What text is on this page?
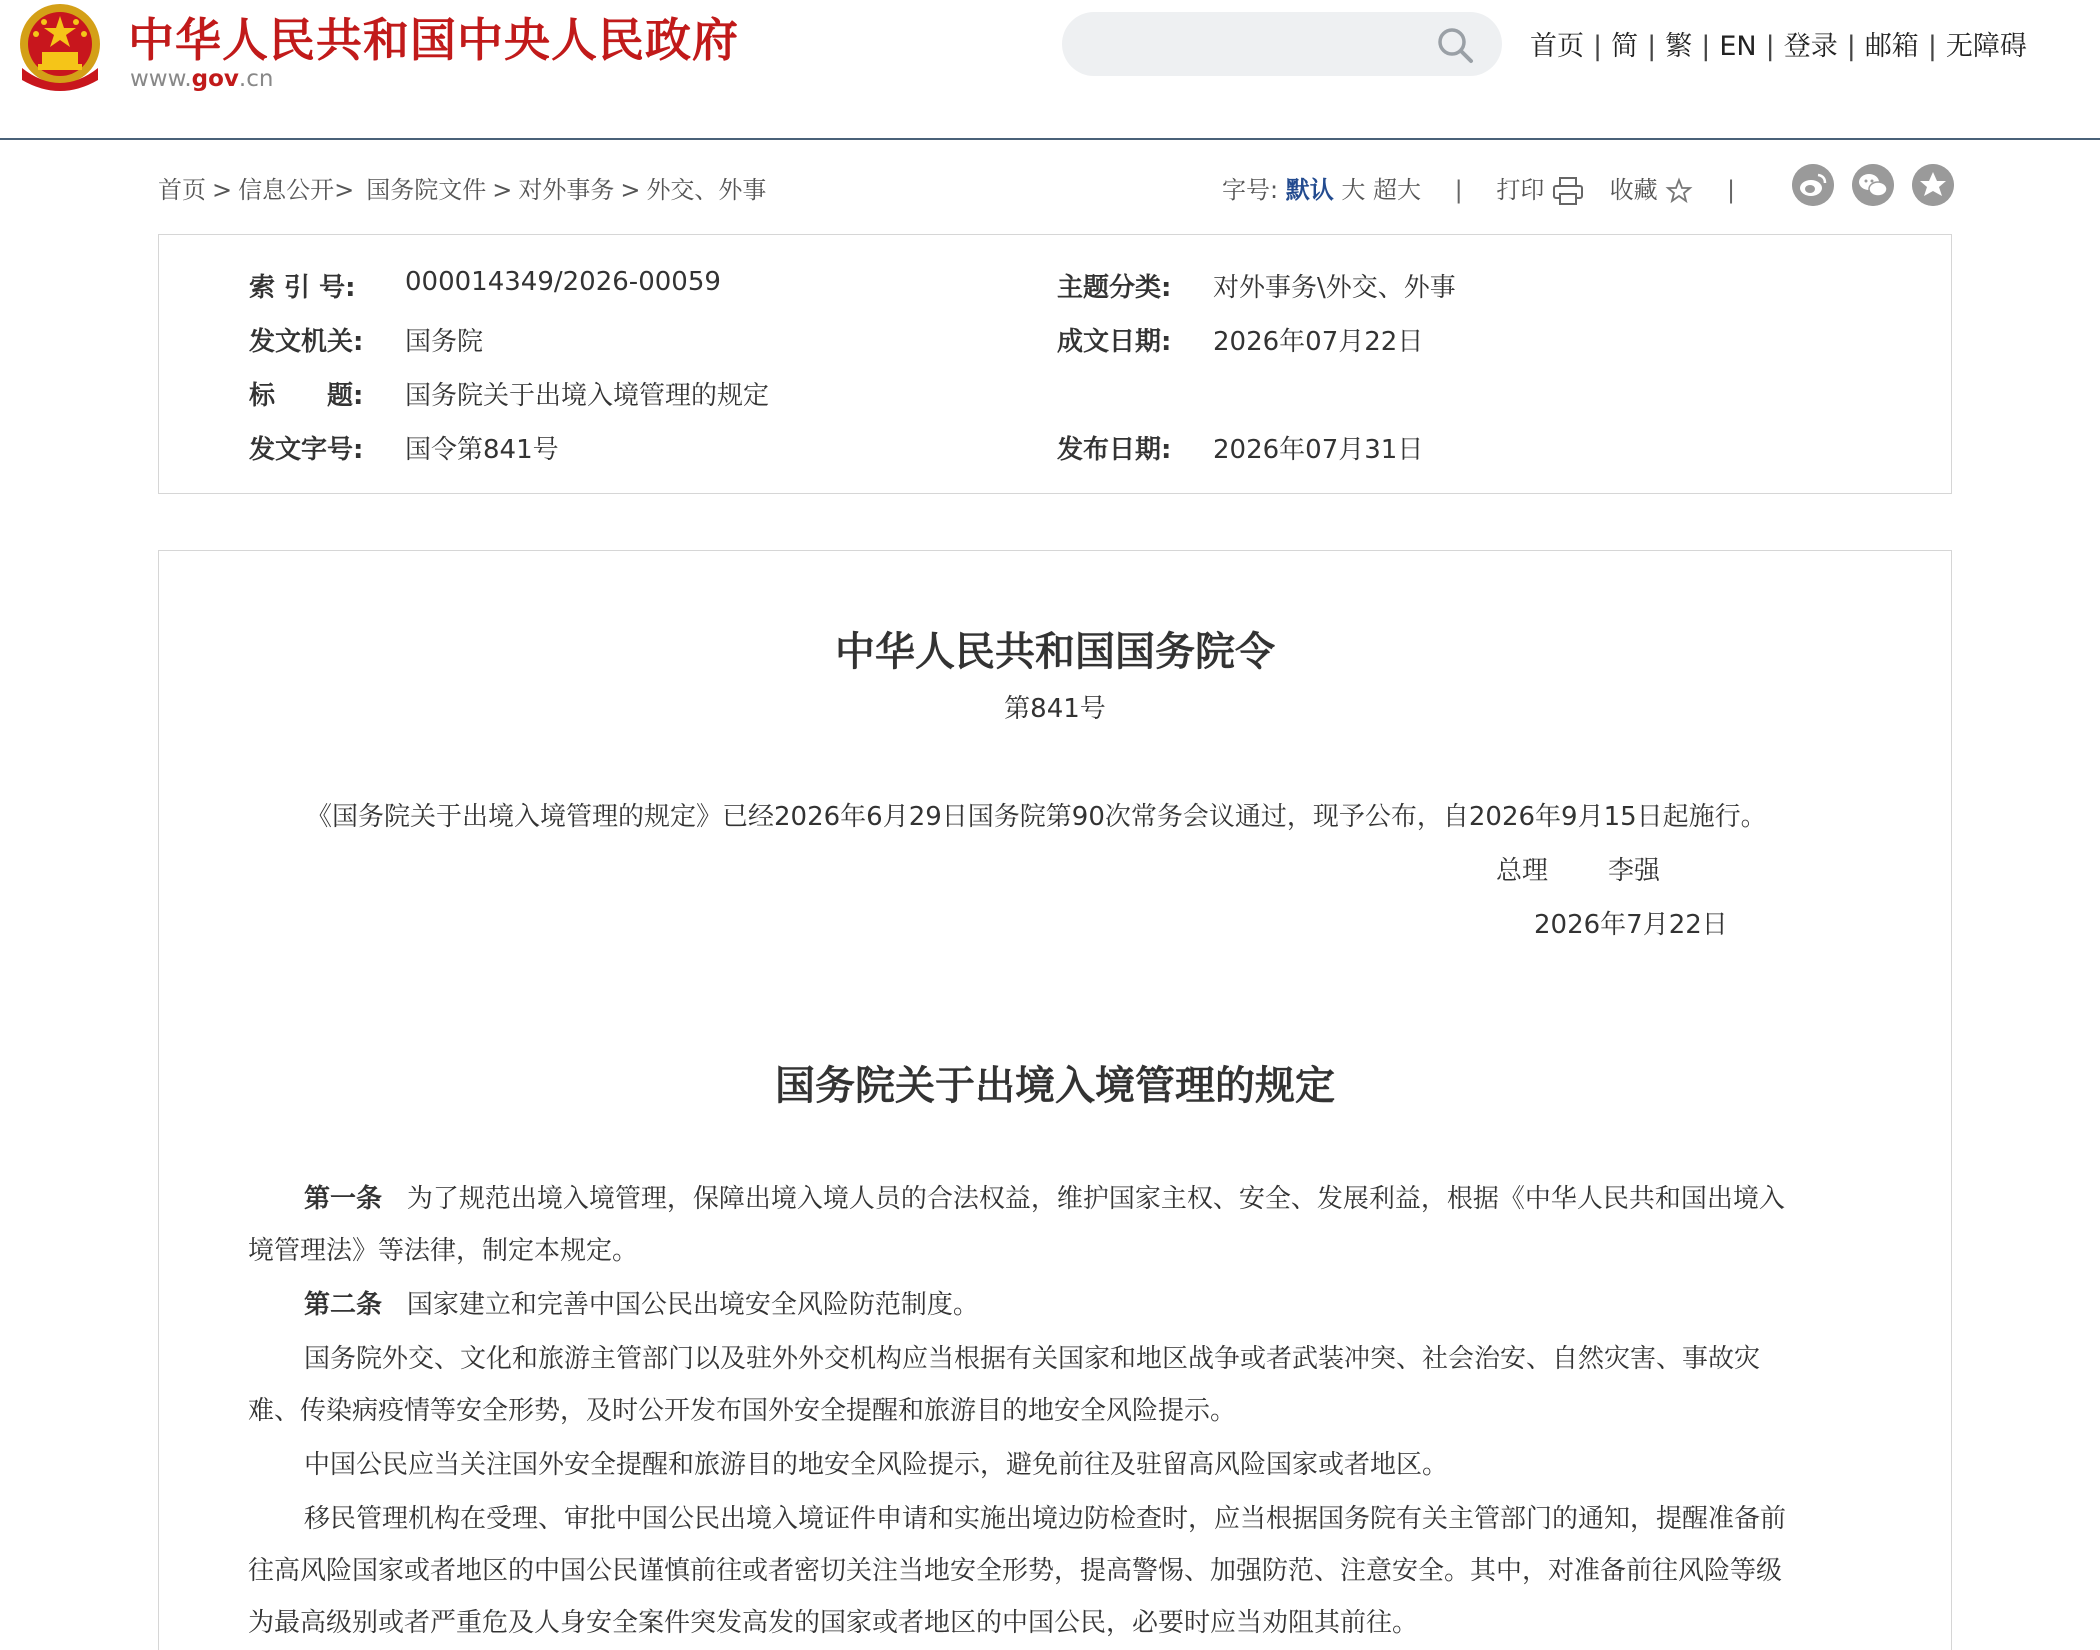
中华人民共和国中央人民政府
www.gov.cn
首页 | 简 | 繁 | EN | 登录 | 邮箱 | 无障碍
首页 > 信息公开> 国务院文件 > 对外事务 > 外交、外事	字号: 默认 大 超大 | 打印	收藏	|
索 引 号: 000014349/2026-00059	主题分类: 对外事务\外交、外事
发文机关: 国务院	成文日期: 2026年07月22日
标　　题: 国务院关于出境入境管理的规定
发文字号: 国令第841号	发布日期: 2026年07月31日
中华人民共和国国务院令
第841号
《国务院关于出境入境管理的规定》已经2026年6月29日国务院第90次常务会议通过，现予公布，自2026年9月15日起施行。
总理 李强
2026年7月22日
国务院关于出境入境管理的规定
第一条 为了规范出境入境管理，保障出境入境人员的合法权益，维护国家主权、安全、发展利益，根据《中华人民共和国出境入
境管理法》等法律，制定本规定。
第二条 国家建立和完善中国公民出境安全风险防范制度。
国务院外交、文化和旅游主管部门以及驻外外交机构应当根据有关国家和地区战争或者武装冲突、社会治安、自然灾害、事故灾
难、传染病疫情等安全形势，及时公开发布国外安全提醒和旅游目的地安全风险提示。
中国公民应当关注国外安全提醒和旅游目的地安全风险提示，避免前往及驻留高风险国家或者地区。
移民管理机构在受理、审批中国公民出境入境证件申请和实施出境边防检查时，应当根据国务院有关主管部门的通知，提醒准备前
往高风险国家或者地区的中国公民谨慎前往或者密切关注当地安全形势，提高警惕、加强防范、注意安全。其中，对准备前往风险等级
为最高级别或者严重危及人身安全案件突发高发的国家或者地区的中国公民，必要时应当劝阻其前往。
